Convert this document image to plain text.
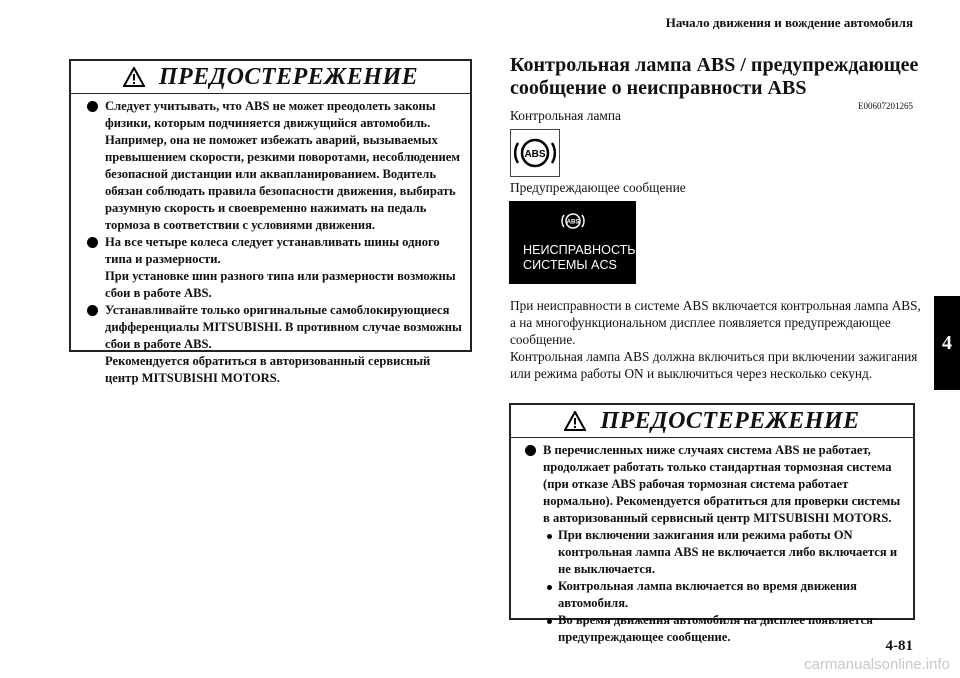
Начало движения и вождение автомобиля
4
ПРЕДОСТЕРЕЖЕНИЕ

Следует учитывать, что ABS не может преодолеть законы физики, которым подчиняется движущийся автомобиль. Например, она не поможет избежать аварий, вызываемых превышением скорости, резкими поворотами, несоблюдением безопасной дистанции или аквапланированием. Водитель обязан соблюдать правила безопасности движения, выбирать разумную скорость и своевременно нажимать на педаль тормоза в соответствии с условиями движения.

На все четыре колеса следует устанавливать шины одного типа и размерности.

При установке шин разного типа или размерности возможны сбои в работе ABS.

Устанавливайте только оригинальные самоблокирующиеся дифференциалы MITSUBISHI. В противном случае возможны сбои в работе ABS.

Рекомендуется обратиться в авторизованный сервисный центр MITSUBISHI MOTORS.

Контрольная лампа ABS / предупреждающее сообщение о неисправности ABS
E00607201265
Контрольная лампа
ABS
Предупреждающее сообщение
ABS
НЕИСПРАВНОСТЬ
СИСТЕМЫ ACS

При неисправности в системе ABS включается контрольная лампа ABS, а на многофункциональном дисплее появляется предупреждающее сообщение.

Контрольная лампа ABS должна включиться при включении зажигания или режима работы ON и выключиться через несколько секунд.

ПРЕДОСТЕРЕЖЕНИЕ

В перечисленных ниже случаях система ABS не работает, продолжает работать только стандартная тормозная система (при отказе ABS рабочая тормозная система работает нормально). Рекомендуется обратиться для проверки системы в авторизованный сервисный центр MITSUBISHI MOTORS.

При включении зажигания или режима работы ON контрольная лампа ABS не включается либо включается и не выключается.
Контрольная лампа включается во время движения автомобиля.
Во время движения автомобиля на дисплее появляется предупреждающее сообщение.
4-81
carmanualsonline.info
